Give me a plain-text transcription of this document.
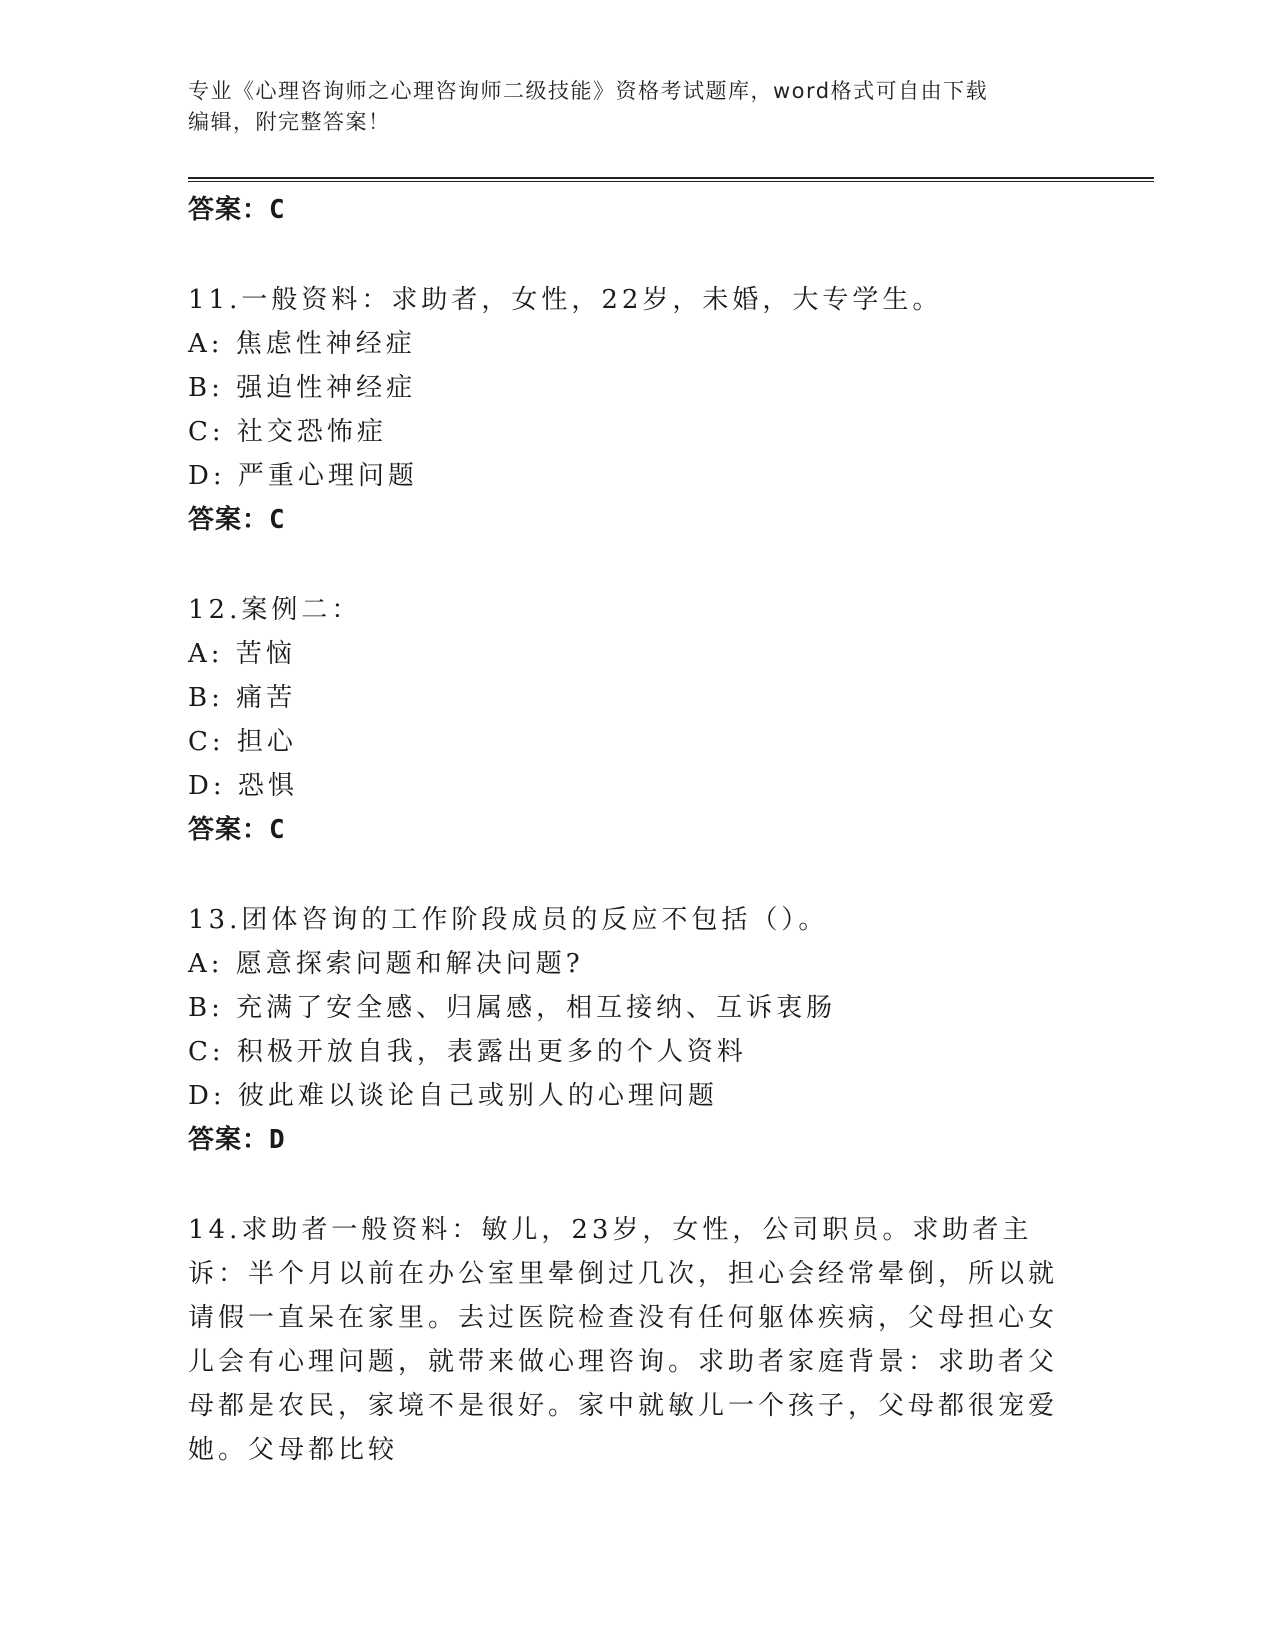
专业《心理咨询师之心理咨询师二级技能》资格考试题库，word格式可自由下载
编辑，附完整答案！
答案：C
11.一般资料：求助者，女性，22岁，未婚，大专学生。
A: 焦虑性神经症
B: 强迫性神经症
C: 社交恐怖症
D: 严重心理问题
答案：C
12.案例二：
A: 苦恼
B: 痛苦
C: 担心
D: 恐惧
答案：C
13.团体咨询的工作阶段成员的反应不包括（）。
A: 愿意探索问题和解决问题?
B: 充满了安全感、归属感，相互接纳、互诉衷肠
C: 积极开放自我，表露出更多的个人资料
D: 彼此难以谈论自己或别人的心理问题
答案：D
14.求助者一般资料：敏儿，23岁，女性，公司职员。求助者主诉：半个月以前在办公室里晕倒过几次，担心会经常晕倒，所以就请假一直呆在家里。去过医院检查没有任何躯体疾病，父母担心女儿会有心理问题，就带来做心理咨询。求助者家庭背景：求助者父母都是农民，家境不是很好。家中就敏儿一个孩子，父母都很宠爱她。父母都比较
